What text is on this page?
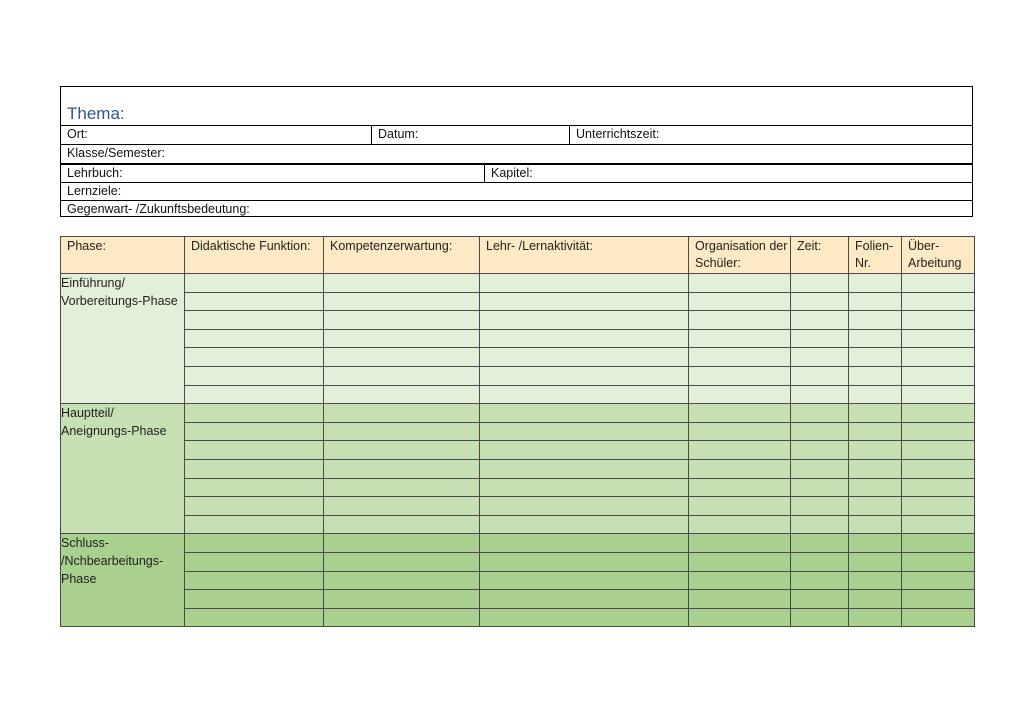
Thema:
Ort:	Datum:	Unterrichtszeit:
Klasse/Semester:
Lehrbuch:	Kapitel:
Lernziele:
Gegenwart- /Zukunftsbedeutung:
Phase:	Didaktische Funktion:	Kompetenzerwartung:	Lehr- /Lernaktivität:	Organisation der Schüler:	Zeit:	Folien-Nr.	Über-Arbeitung
Einführung/ Vorbereitungs-Phase							

Hauptteil/ Aneignungs-Phase							

Schluss- /Nchbearbeitungs-Phase							
